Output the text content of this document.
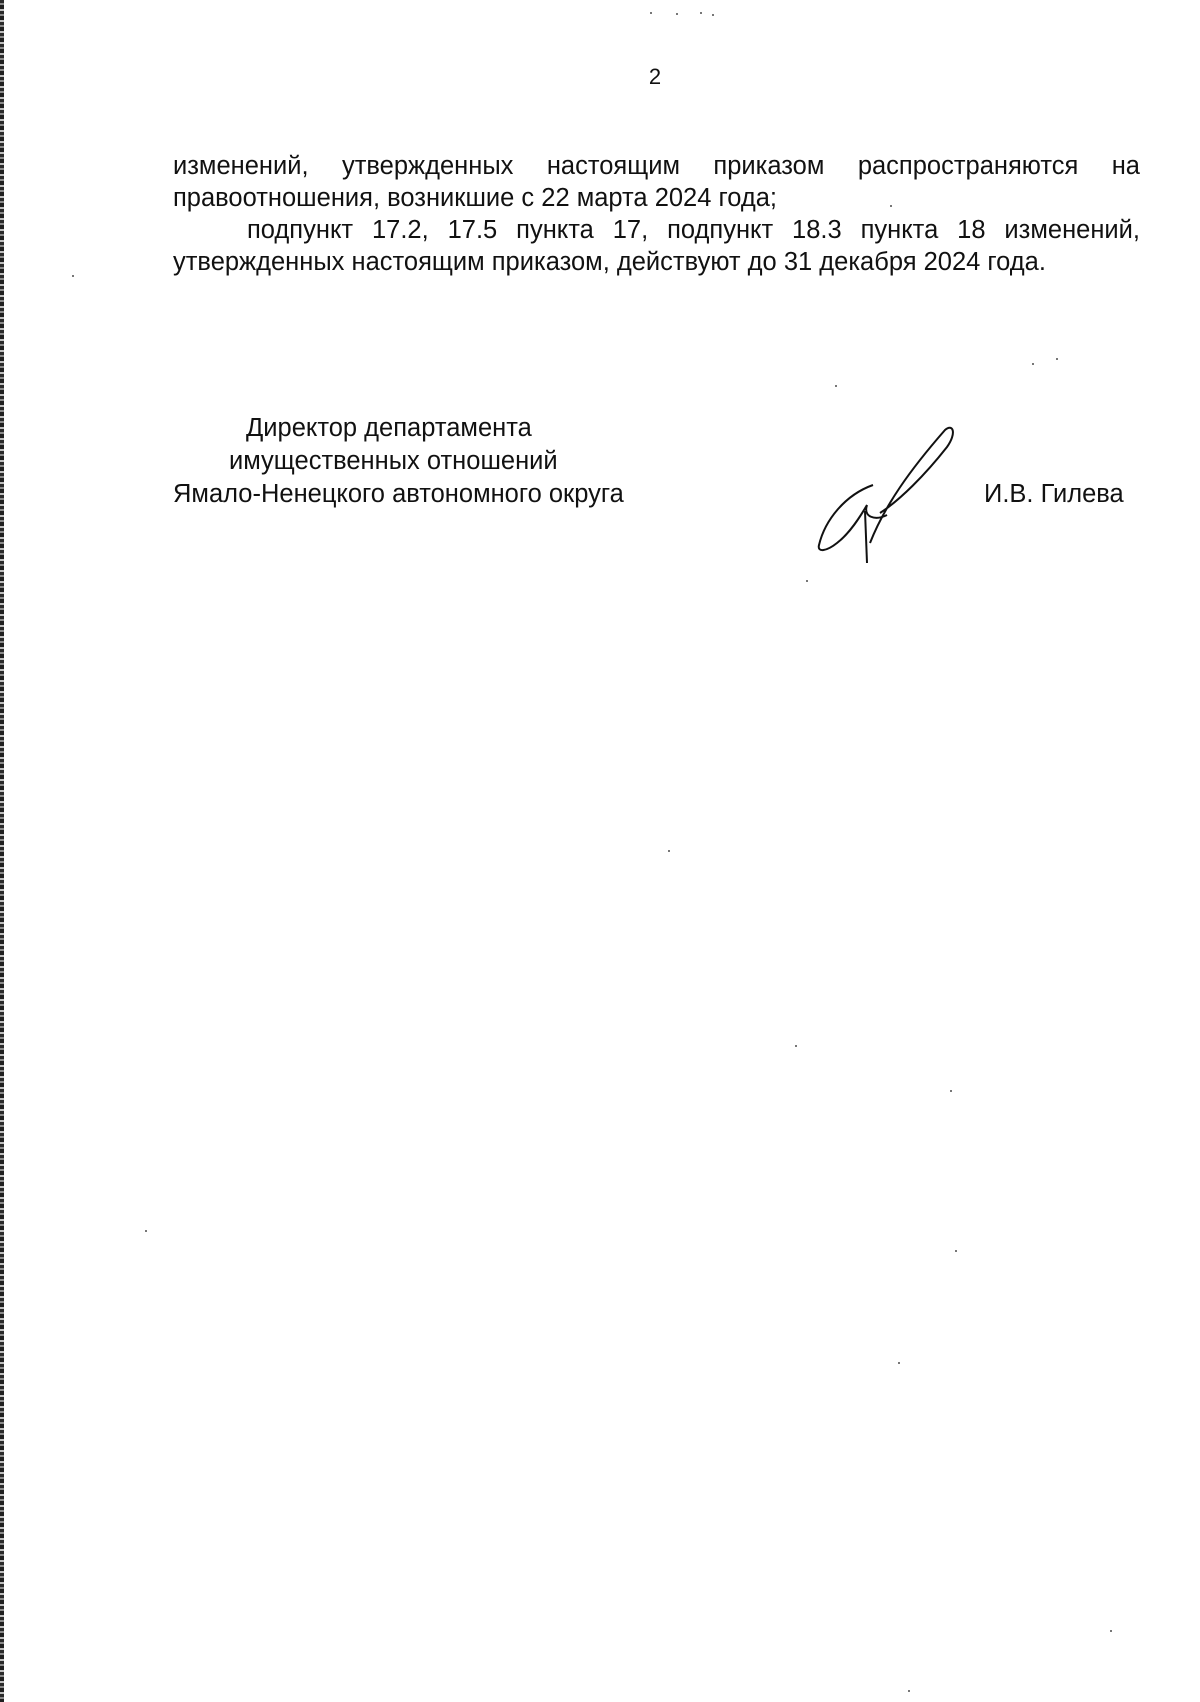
2

изменений, утвержденных настоящим приказом распространяются на правоотношения, возникшие с 22 марта 2024 года;

подпункт 17.2, 17.5 пункта 17, подпункт 18.3 пункта 18 изменений, утвержденных настоящим приказом, действуют до 31 декабря 2024 года.

Директор департамента
имущественных отношений
Ямало-Ненецкого автономного округа	И.В. Гилева
